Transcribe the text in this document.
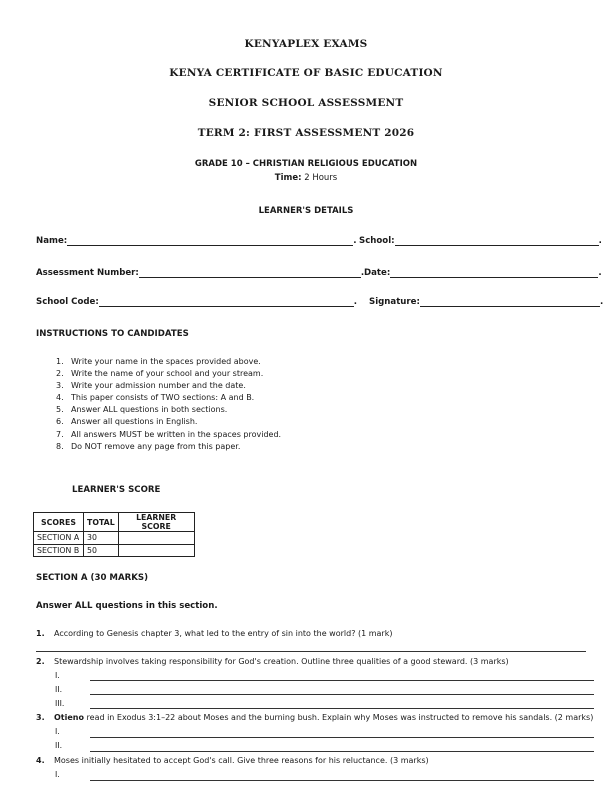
KENYAPLEX EXAMS
KENYA CERTIFICATE OF BASIC EDUCATION
SENIOR SCHOOL ASSESSMENT
TERM 2: FIRST ASSESSMENT 2026
GRADE 10 – CHRISTIAN RELIGIOUS EDUCATION
Time: 2 Hours
LEARNER'S DETAILS
Name:	. School:	.
Assessment Number:	. Date:	.
School Code:	. Signature:	.
INSTRUCTIONS TO CANDIDATES
1. Write your name in the spaces provided above.
2. Write the name of your school and your stream.
3. Write your admission number and the date.
4. This paper consists of TWO sections: A and B.
5. Answer ALL questions in both sections.
6. Answer all questions in English.
7. All answers MUST be written in the spaces provided.
8. Do NOT remove any page from this paper.
LEARNER'S SCORE
SCORES	TOTAL	LEARNER SCORE
SECTION A	30	
SECTION B	50	
SECTION A (30 MARKS)
Answer ALL questions in this section.
1. According to Genesis chapter 3, what led to the entry of sin into the world? (1 mark)
2. Stewardship involves taking responsibility for God's creation. Outline three qualities of a good steward. (3 marks)
I.
II.
III.
3. Otieno read in Exodus 3:1–22 about Moses and the burning bush. Explain why Moses was instructed to remove his sandals. (2 marks)
I.
II.
4. Moses initially hesitated to accept God's call. Give three reasons for his reluctance. (3 marks)
I.
